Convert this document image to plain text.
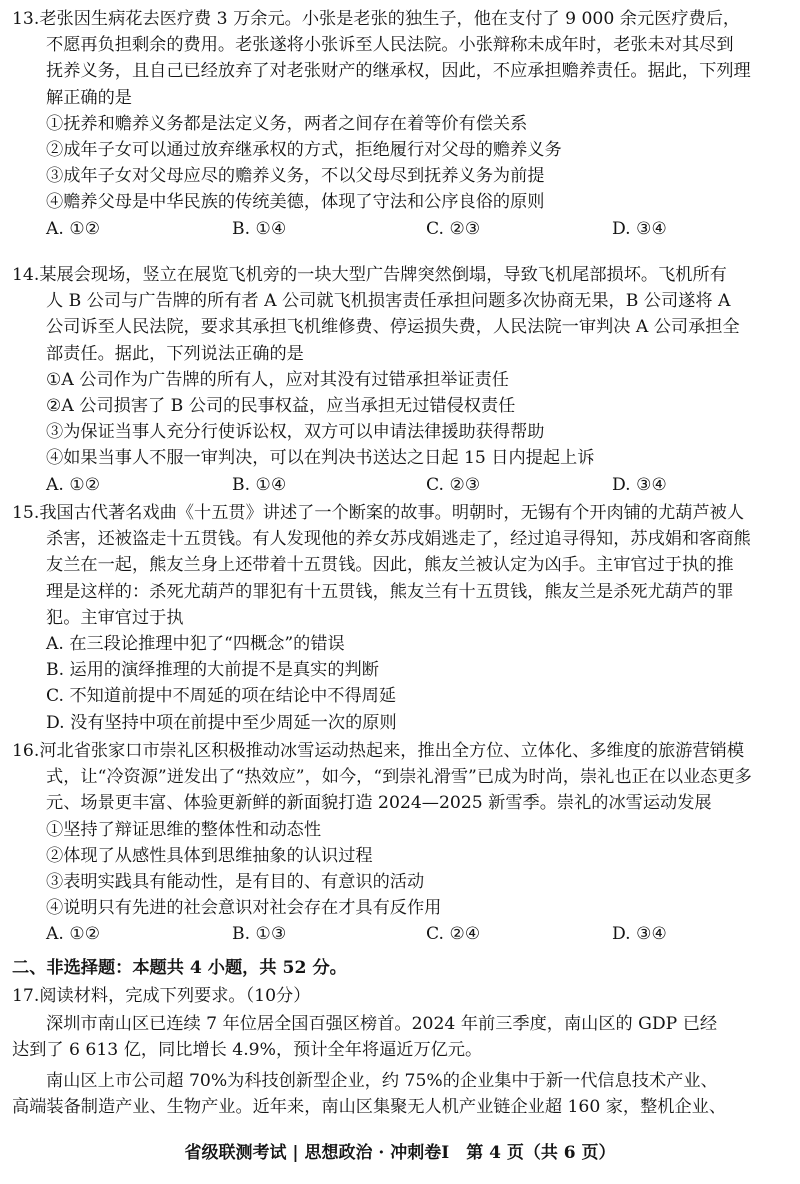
13.老张因生病花去医疗费 3 万余元。小张是老张的独生子，他在支付了 9 000 余元医疗费后，
不愿再负担剩余的费用。老张遂将小张诉至人民法院。小张辩称未成年时，老张未对其尽到
抚养义务，且自己已经放弃了对老张财产的继承权，因此，不应承担赡养责任。据此，下列理
解正确的是
①抚养和赡养义务都是法定义务，两者之间存在着等价有偿关系
②成年子女可以通过放弃继承权的方式，拒绝履行对父母的赡养义务
③成年子女对父母应尽的赡养义务，不以父母尽到抚养义务为前提
④赡养父母是中华民族的传统美德，体现了守法和公序良俗的原则
A. ①②	B. ①④	C. ②③	D. ③④
14.某展会现场，竖立在展览飞机旁的一块大型广告牌突然倒塌，导致飞机尾部损坏。飞机所有
人 B 公司与广告牌的所有者 A 公司就飞机损害责任承担问题多次协商无果，B 公司遂将 A
公司诉至人民法院，要求其承担飞机维修费、停运损失费，人民法院一审判决 A 公司承担全
部责任。据此，下列说法正确的是
①A 公司作为广告牌的所有人，应对其没有过错承担举证责任
②A 公司损害了 B 公司的民事权益，应当承担无过错侵权责任
③为保证当事人充分行使诉讼权，双方可以申请法律援助获得帮助
④如果当事人不服一审判决，可以在判决书送达之日起 15 日内提起上诉
A. ①②	B. ①④	C. ②③	D. ③④
15.我国古代著名戏曲《十五贯》讲述了一个断案的故事。明朝时，无锡有个开肉铺的尤葫芦被人
杀害，还被盗走十五贯钱。有人发现他的养女苏戌娟逃走了，经过追寻得知，苏戌娟和客商熊
友兰在一起，熊友兰身上还带着十五贯钱。因此，熊友兰被认定为凶手。主审官过于执的推
理是这样的：杀死尤葫芦的罪犯有十五贯钱，熊友兰有十五贯钱，熊友兰是杀死尤葫芦的罪
犯。主审官过于执
A. 在三段论推理中犯了“四概念”的错误
B. 运用的演绎推理的大前提不是真实的判断
C. 不知道前提中不周延的项在结论中不得周延
D. 没有坚持中项在前提中至少周延一次的原则
16.河北省张家口市崇礼区积极推动冰雪运动热起来，推出全方位、立体化、多维度的旅游营销模
式，让“冷资源”迸发出了“热效应”，如今，“到崇礼滑雪”已成为时尚，崇礼也正在以业态更多
元、场景更丰富、体验更新鲜的新面貌打造 2024—2025 新雪季。崇礼的冰雪运动发展
①坚持了辩证思维的整体性和动态性
②体现了从感性具体到思维抽象的认识过程
③表明实践具有能动性，是有目的、有意识的活动
④说明只有先进的社会意识对社会存在才具有反作用
A. ①②	B. ①③	C. ②④	D. ③④
二、非选择题：本题共 4 小题，共 52 分。
17.阅读材料，完成下列要求。（10分）
深圳市南山区已连续 7 年位居全国百强区榜首。2024 年前三季度，南山区的 GDP 已经
达到了 6 613 亿，同比增长 4.9%，预计全年将逼近万亿元。
南山区上市公司超 70%为科技创新型企业，约 75%的企业集中于新一代信息技术产业、
高端装备制造产业、生物产业。近年来，南山区集聚无人机产业链企业超 160 家，整机企业、
省级联测考试 | 思想政治 · 冲刺卷Ⅰ　第 4 页（共 6 页）
